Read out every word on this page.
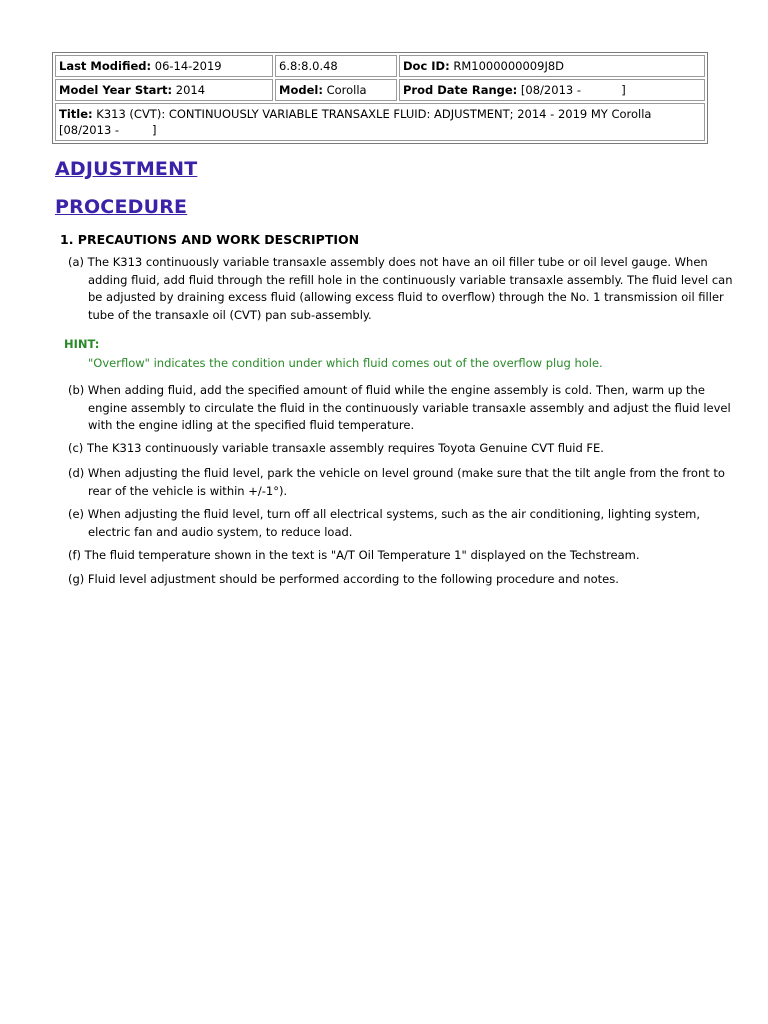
Last Modified: 06-14-2019	6.8:8.0.48	Doc ID: RM1000000009J8D
Model Year Start: 2014	Model: Corolla	Prod Date Range: [08/2013 -           ]
Title: K313 (CVT): CONTINUOUSLY VARIABLE TRANSAXLE FLUID: ADJUSTMENT; 2014 - 2019 MY Corolla [08/2013 -         ]		
ADJUSTMENT
PROCEDURE

1. PRECAUTIONS AND WORK DESCRIPTION

(a) The K313 continuously variable transaxle assembly does not have an oil filler tube or oil level gauge. When adding fluid, add fluid through the refill hole in the continuously variable transaxle assembly. The fluid level can be adjusted by draining excess fluid (allowing excess fluid to overflow) through the No. 1 transmission oil filler tube of the transaxle oil (CVT) pan sub-assembly.

HINT:

"Overflow" indicates the condition under which fluid comes out of the overflow plug hole.

(b) When adding fluid, add the specified amount of fluid while the engine assembly is cold. Then, warm up the engine assembly to circulate the fluid in the continuously variable transaxle assembly and adjust the fluid level with the engine idling at the specified fluid temperature.

(c) The K313 continuously variable transaxle assembly requires Toyota Genuine CVT fluid FE.

(d) When adjusting the fluid level, park the vehicle on level ground (make sure that the tilt angle from the front to rear of the vehicle is within +/-1°).

(e) When adjusting the fluid level, turn off all electrical systems, such as the air conditioning, lighting system, electric fan and audio system, to reduce load.

(f) The fluid temperature shown in the text is "A/T Oil Temperature 1" displayed on the Techstream.

(g) Fluid level adjustment should be performed according to the following procedure and notes.
